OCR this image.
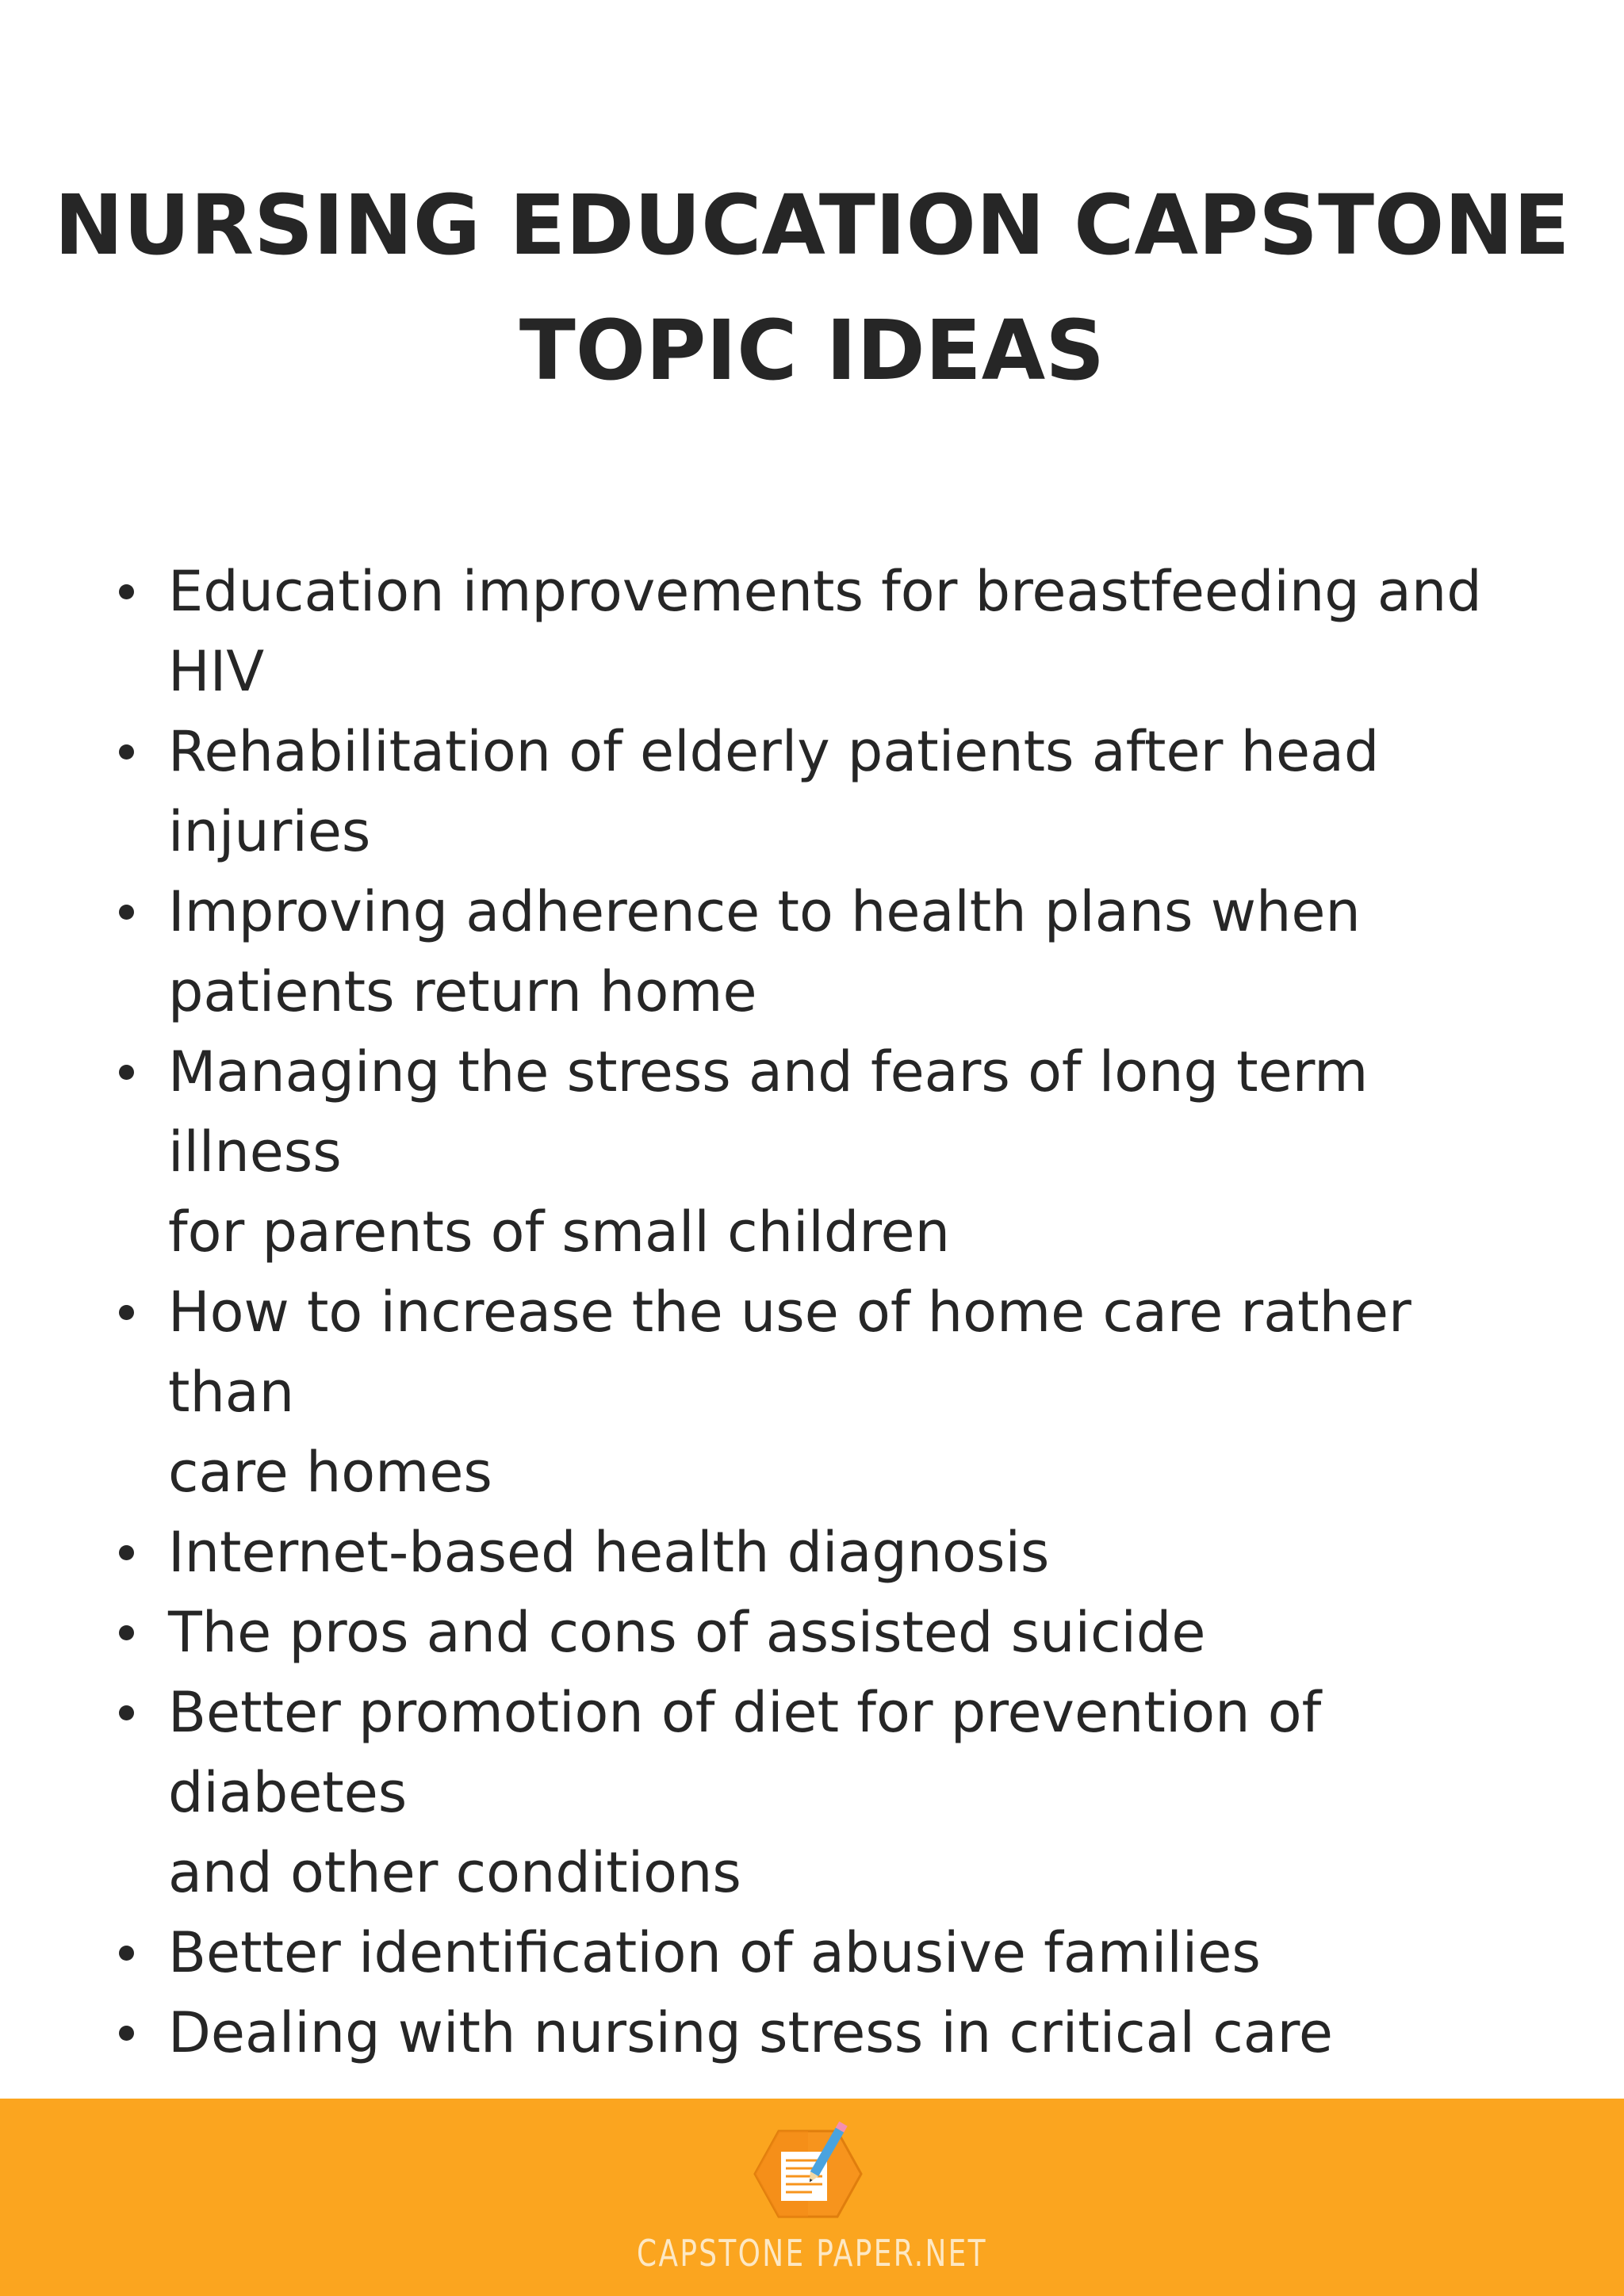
NURSING EDUCATION CAPSTONE
TOPIC IDEAS
Education improvements for breastfeeding and
HIV
Rehabilitation of elderly patients after head injuries
Improving adherence to health plans when
patients return home
Managing the stress and fears of long term illness
for parents of small children
How to increase the use of home care rather than
care homes
Internet-based health diagnosis
The pros and cons of assisted suicide
Better promotion of diet for prevention of diabetes
and other conditions
Better identification of abusive families
Dealing with nursing stress in critical care
CAPSTONE PAPER.NET
